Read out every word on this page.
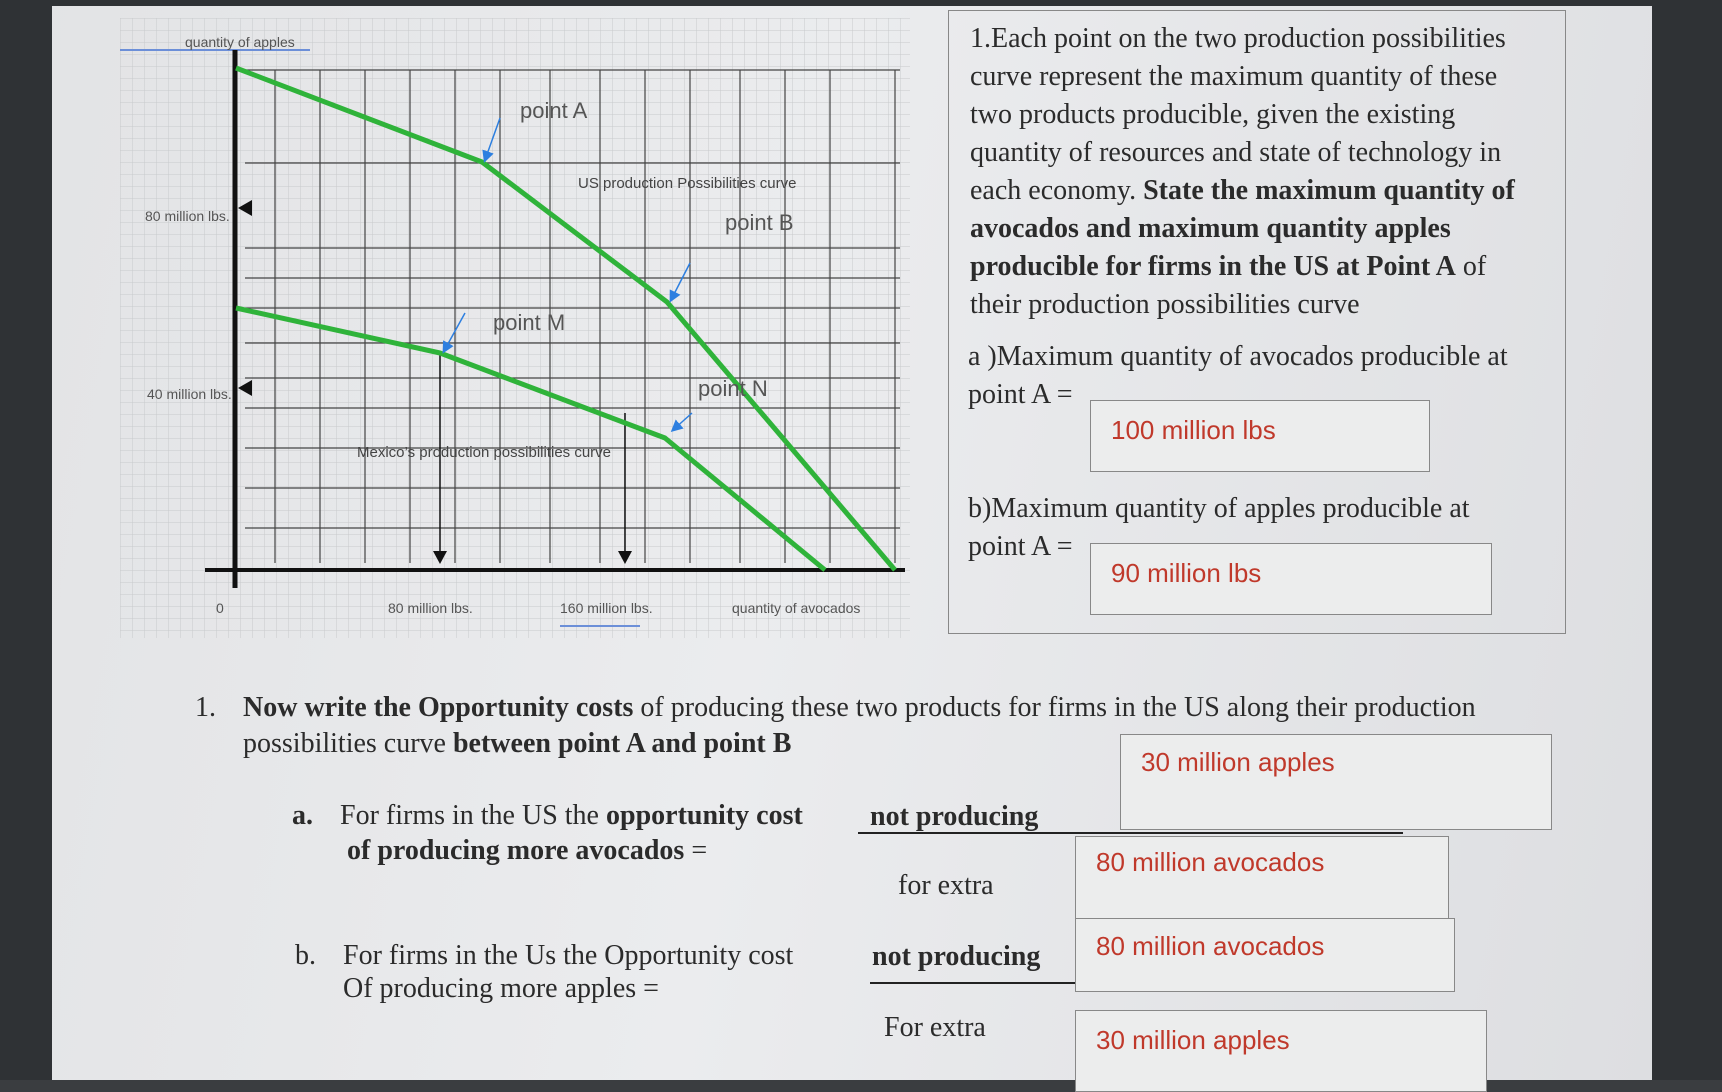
quantity of apples
80 million lbs.
40 million lbs.
0	80 million lbs.	160 million lbs.	quantity of avocados
point A
point B
point M
point N
US production Possibilities curve
Mexico’s production possibilities curve
1.Each point on the two production possibilities
curve represent the maximum quantity of these
two products producible, given the existing
quantity of resources and state of technology in
each economy. State the maximum quantity of
avocados and maximum quantity apples
producible for firms in the US at Point A of
their production possibilities curve
a )Maximum quantity of avocados producible at
point A =
100 million lbs
b)Maximum quantity of apples producible at
point A =
90 million lbs
1. Now write the Opportunity costs of producing these two products for firms in the US along their production
possibilities curve between point A and point B
a. For firms in the US the opportunity cost
of producing more avocados =
not producing
for extra
b. For firms in the Us the Opportunity cost
Of producing more apples =
not producing
For extra
30 million apples
80 million avocados
80 million avocados
30 million apples
